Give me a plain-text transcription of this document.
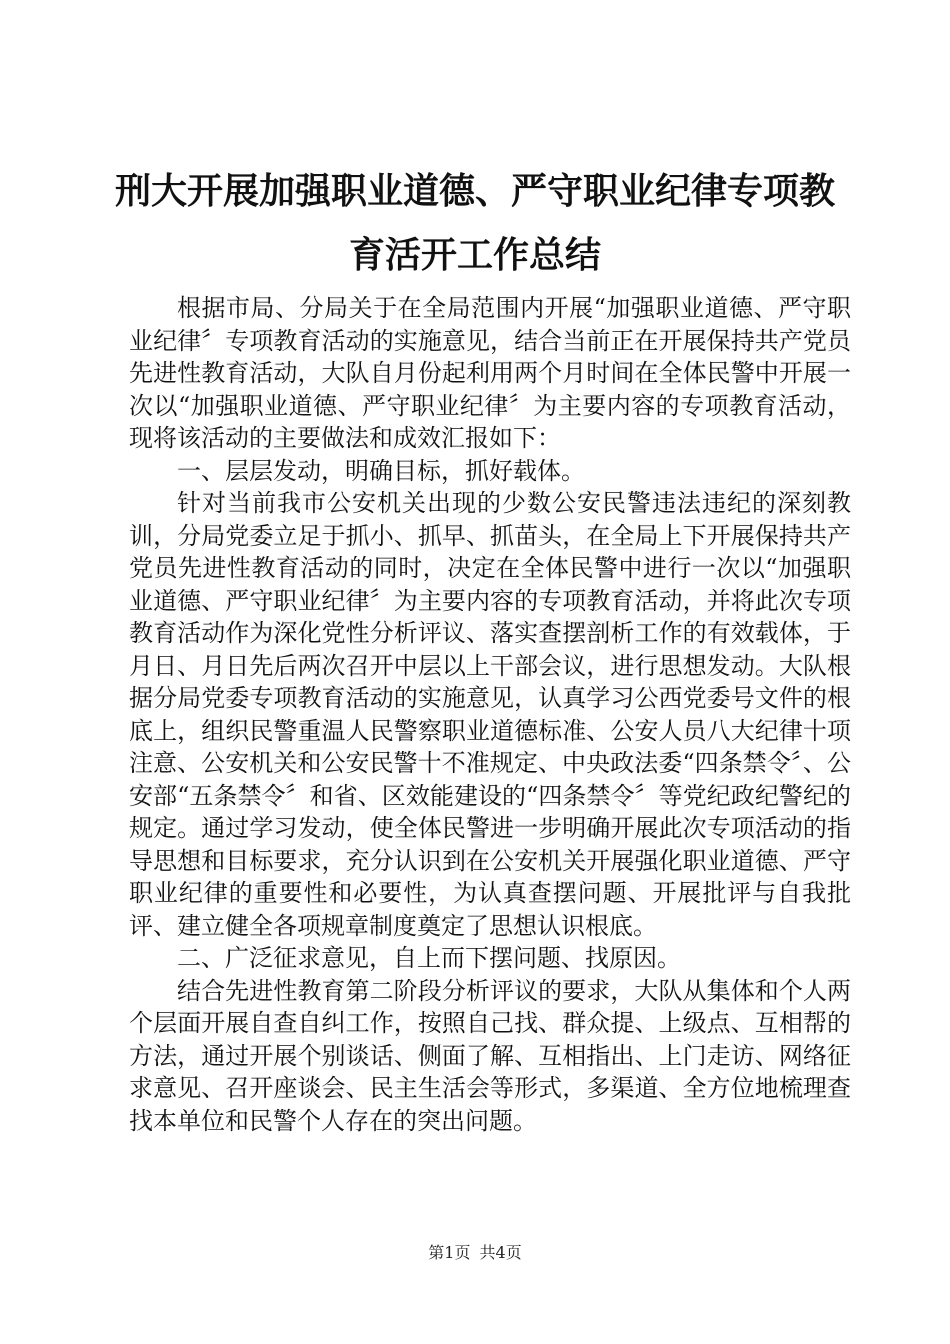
刑大开展加强职业道德、严守职业纪律专项教
育活开工作总结

根据市局、分局关于在全局范围内开展“加强职业道德、严守职业纪律〞专项教育活动的实施意见，结合当前正在开展保持共产党员先进性教育活动，大队自月份起利用两个月时间在全体民警中开展一次以“加强职业道德、严守职业纪律〞为主要内容的专项教育活动，现将该活动的主要做法和成效汇报如下：

一、层层发动，明确目标，抓好载体。

针对当前我市公安机关出现的少数公安民警违法违纪的深刻教训，分局党委立足于抓小、抓早、抓苗头，在全局上下开展保持共产党员先进性教育活动的同时，决定在全体民警中进行一次以“加强职业道德、严守职业纪律〞为主要内容的专项教育活动，并将此次专项教育活动作为深化党性分析评议、落实查摆剖析工作的有效载体，于月日、月日先后两次召开中层以上干部会议，进行思想发动。大队根据分局党委专项教育活动的实施意见，认真学习公西党委号文件的根底上，组织民警重温人民警察职业道德标准、公安人员八大纪律十项注意、公安机关和公安民警十不准规定、中央政法委“四条禁令〞、公安部“五条禁令〞和省、区效能建设的“四条禁令〞等党纪政纪警纪的规定。通过学习发动，使全体民警进一步明确开展此次专项活动的指导思想和目标要求，充分认识到在公安机关开展强化职业道德、严守职业纪律的重要性和必要性，为认真查摆问题、开展批评与自我批评、建立健全各项规章制度奠定了思想认识根底。

二、广泛征求意见，自上而下摆问题、找原因。

结合先进性教育第二阶段分析评议的要求，大队从集体和个人两个层面开展自查自纠工作，按照自己找、群众提、上级点、互相帮的方法，通过开展个别谈话、侧面了解、互相指出、上门走访、网络征求意见、召开座谈会、民主生活会等形式，多渠道、全方位地梳理查找本单位和民警个人存在的突出问题。

第1页 共4页
